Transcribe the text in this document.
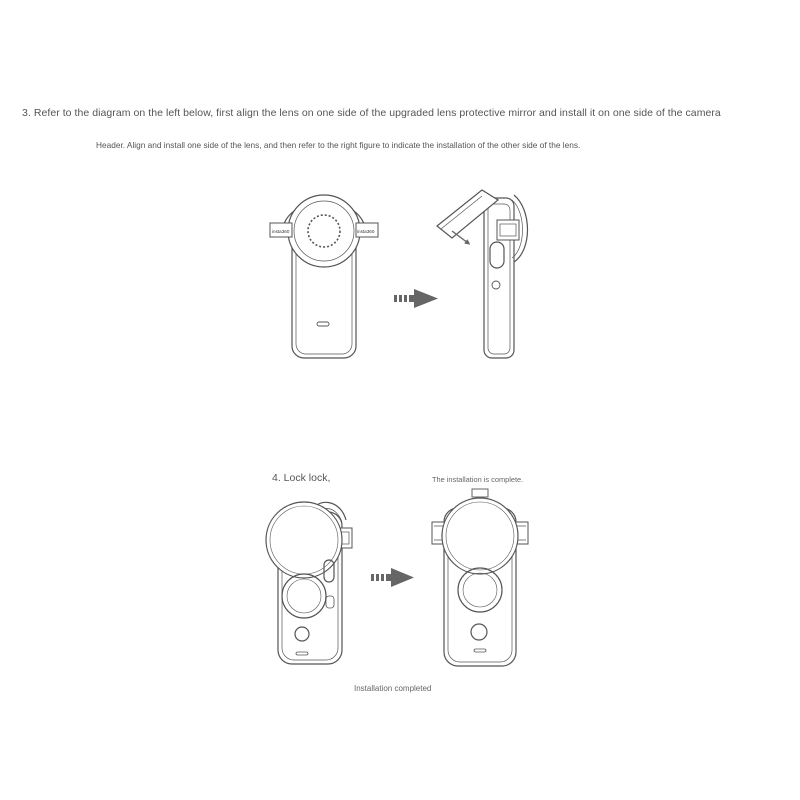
3. Refer to the diagram on the left below, first align the lens on one side of the upgraded lens protective mirror and install it on one side of the camera
Header. Align and install one side of the lens, and then refer to the right figure to indicate the installation of the other side of the lens.
4. Lock lock,	The installation is complete.
Installation completed
insta360	insta360
